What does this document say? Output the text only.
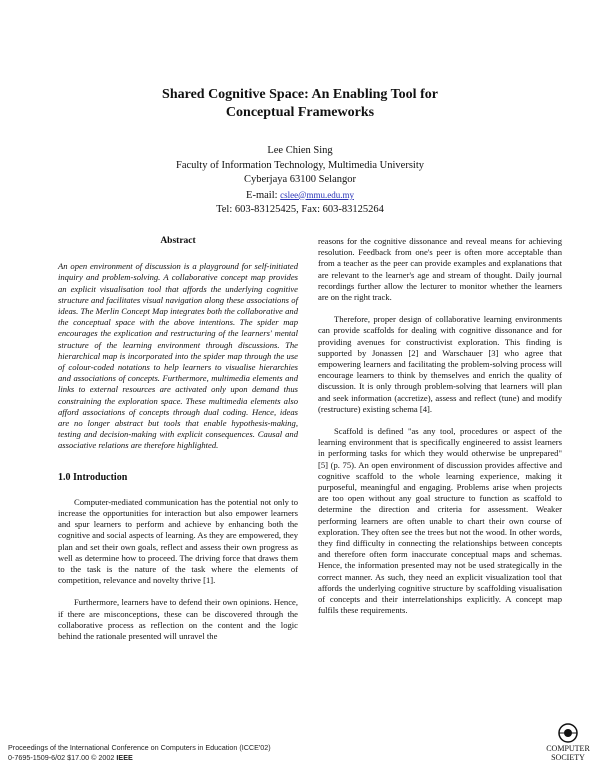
Shared Cognitive Space: An Enabling Tool for
Conceptual Frameworks
Lee Chien Sing
Faculty of Information Technology, Multimedia University
Cyberjaya 63100 Selangor
E-mail: cslee@mmu.edu.my
Tel: 603-83125425, Fax: 603-83125264
Abstract

An open environment of discussion is a playground for self-initiated inquiry and problem-solving. A collaborative concept map provides an explicit visualisation tool that affords the underlying cognitive structure and facilitates visual navigation along these associations of ideas. The Merlin Concept Map integrates both the collaborative and the conceptual space with the above intentions. The spider map encourages the explication and restructuring of the learners' mental structure of the learning environment through discussions. The hierarchical map is incorporated into the spider map through the use of colour-coded notations to help learners to visualise hierarchies and associations of concepts. Furthermore, multimedia elements and links to external resources are activated only upon demand thus constraining the exploration space. These multimedia elements also afford associations of concepts through dual coding. Hence, ideas are no longer abstract but tools that enable hypothesis-making, testing and decision-making with explicit consequences. Causal and associative relations are therefore highlighted.

1.0 Introduction

Computer-mediated communication has the potential not only to increase the opportunities for interaction but also empower learners and spur learners to perform and achieve by enhancing both the cognitive and social aspects of learning. As they are empowered, they plan and set their own goals, reflect and assess their own progress as well as determine how to proceed. The driving force that draws them to the task is the nature of the task where the elements of competition, relevance and novelty thrive [1].

Furthermore, learners have to defend their own opinions. Hence, if there are misconceptions, these can be discovered through the collaborative process as reflection on the content and the logic behind the rationale presented will unravel the

reasons for the cognitive dissonance and reveal means for achieving resolution. Feedback from one's peer is often more acceptable than from a teacher as the peer can provide examples and explanations that are relevant to the learner's age and stream of thought. Daily journal recordings further allow the lecturer to monitor whether the learners are on the right track.

Therefore, proper design of collaborative learning environments can provide scaffolds for dealing with cognitive dissonance and for providing avenues for constructivist exploration. This finding is supported by Jonassen [2] and Warschauer [3] who agree that empowering learners and facilitating the problem-solving process will encourage learners to think by themselves and enrich the quality of discussion. It is only through problem-solving that learners will plan and seek information (accretize), assess and reflect (tune) and modify (restructure) existing schema [4].

Scaffold is defined "as any tool, procedures or aspect of the learning environment that is specifically engineered to assist learners in performing tasks for which they would otherwise be unprepared" [5] (p. 75). An open environment of discussion provides affective and cognitive scaffold to the whole learning experience, making it purposeful, meaningful and engaging. Problems arise when projects are too open without any goal structure to function as scaffold to determine the direction and criteria for assessment. Weaker performing learners are often unable to chart their own course of exploration. They often see the trees but not the wood. In other words, they find difficulty in connecting the relationships between concepts and therefore often form inaccurate conceptual maps and schemas. Hence, the information presented may not be used strategically in the correct manner. As such, they need an explicit visualization tool that affords the underlying cognitive structure by scaffolding visualisation of concepts and their interrelationships explicitly. A concept map fulfils these requirements.

Proceedings of the International Conference on Computers in Education (ICCE'02)
0-7695-1509-6/02 $17.00 © 2002 IEEE
COMPUTER
SOCIETY
